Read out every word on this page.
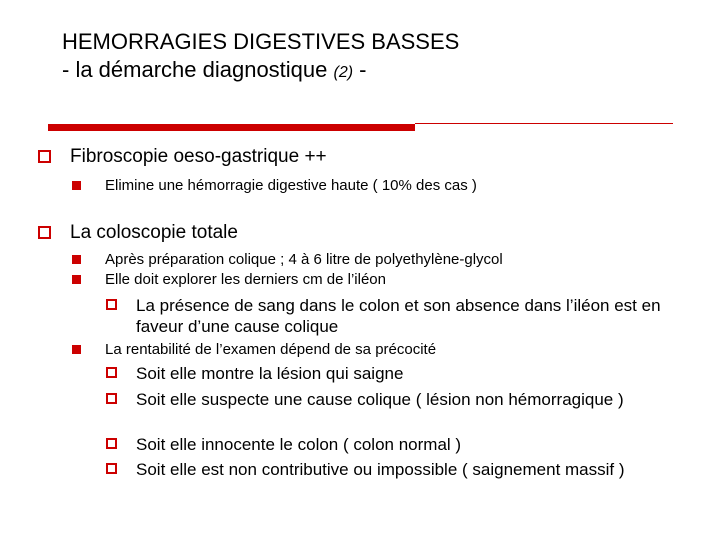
HEMORRAGIES DIGESTIVES BASSES
- la démarche diagnostique (2) -
Fibroscopie oeso-gastrique ++
Elimine une hémorragie digestive haute ( 10% des cas )
La coloscopie totale
Après préparation colique ; 4 à 6 litre de polyethylène-glycol
Elle doit explorer les derniers cm de l’iléon
La présence de sang dans le colon et son absence dans l’iléon est en faveur d’une cause colique
La rentabilité de l’examen dépend de sa précocité
Soit elle montre la lésion qui saigne
Soit elle suspecte une cause colique ( lésion non hémorragique )
Soit elle innocente le colon ( colon normal )
Soit elle est non contributive ou impossible ( saignement massif )
